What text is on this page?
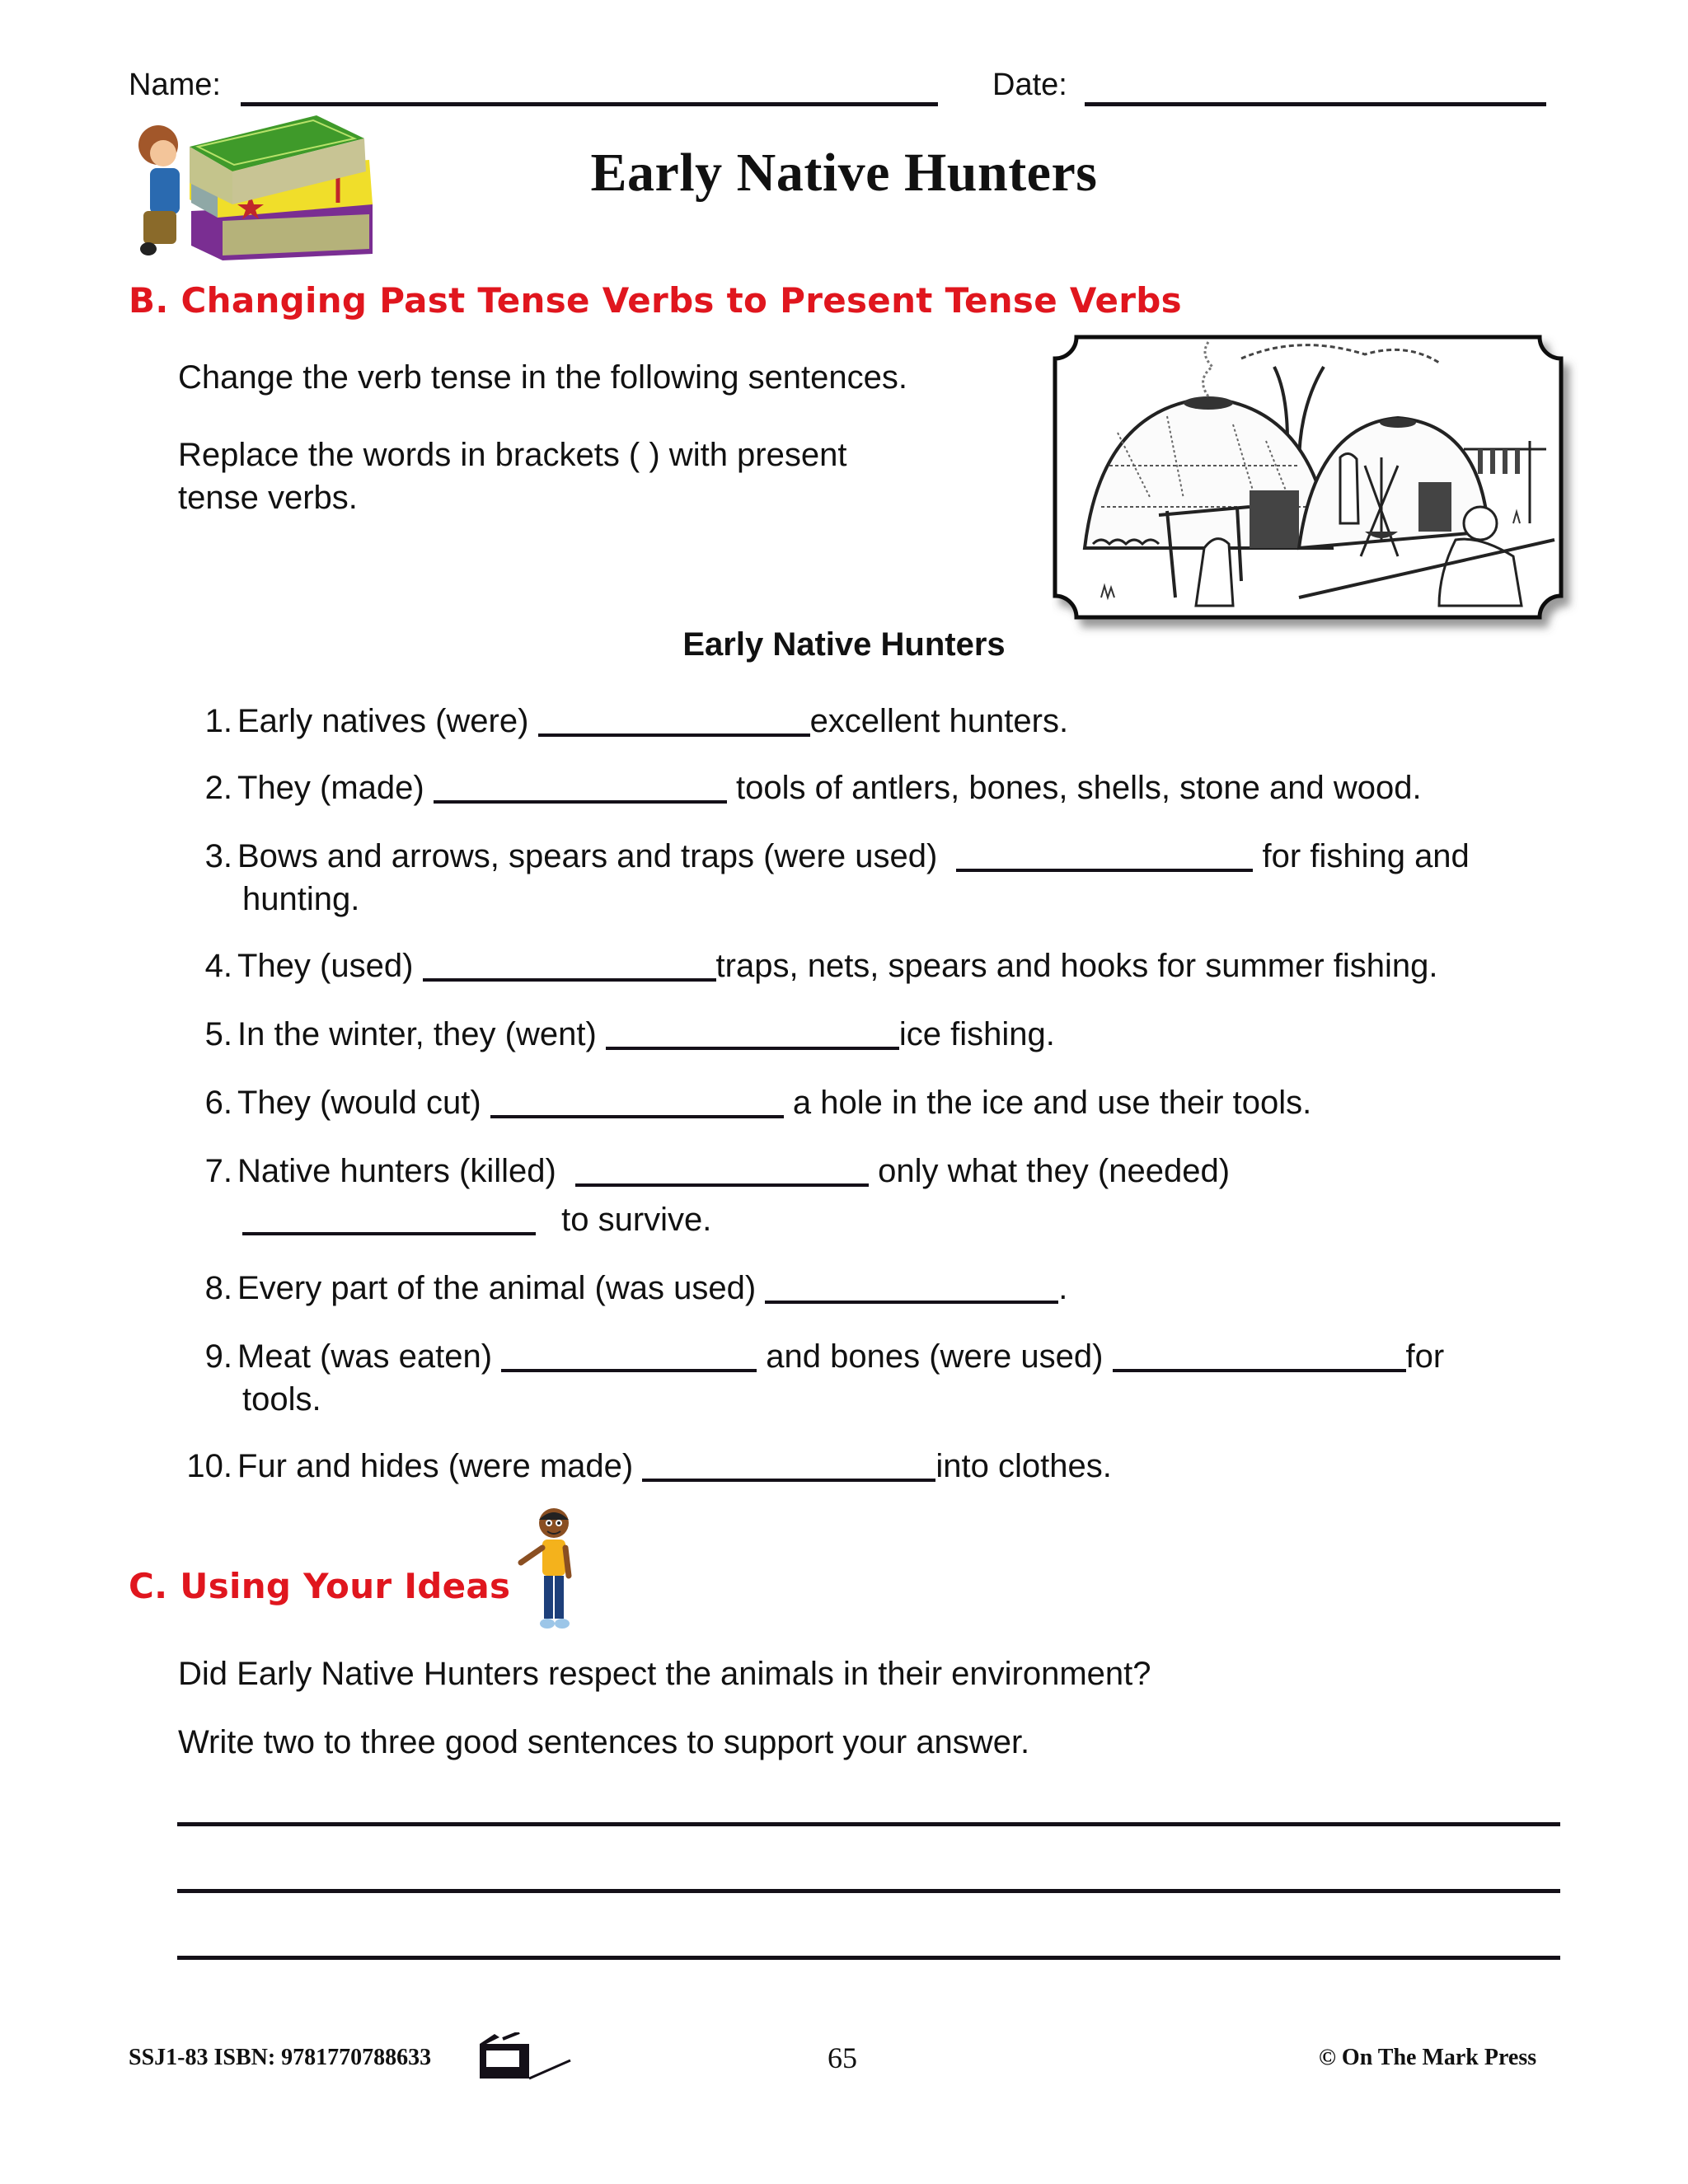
Name:	Date:
Early Native Hunters
B. Changing Past Tense Verbs to Present Tense Verbs
Change the verb tense in the following sentences.
Replace the words in brackets ( ) with present
tense verbs.
Early Native Hunters
1. Early natives (were)	excellent hunters.
2. They (made)	tools of antlers, bones, shells, stone and wood.
3. Bows and arrows, spears and traps (were used)	for fishing and
hunting.
4. They (used)	traps, nets, spears and hooks for summer fishing.
5. In the winter, they (went)	ice fishing.
6. They (would cut)	a hole in the ice and use their tools.
7. Native hunters (killed)	only what they (needed)
to survive.
8. Every part of the animal (was used)	.
9. Meat (was eaten)	and bones (were used)	for
tools.
10. Fur and hides (were made)	into clothes.
C. Using Your Ideas
Did Early Native Hunters respect the animals in their environment?
Write two to three good sentences to support your answer.
SSJ1-83 ISBN: 9781770788633	65	© On The Mark Press
